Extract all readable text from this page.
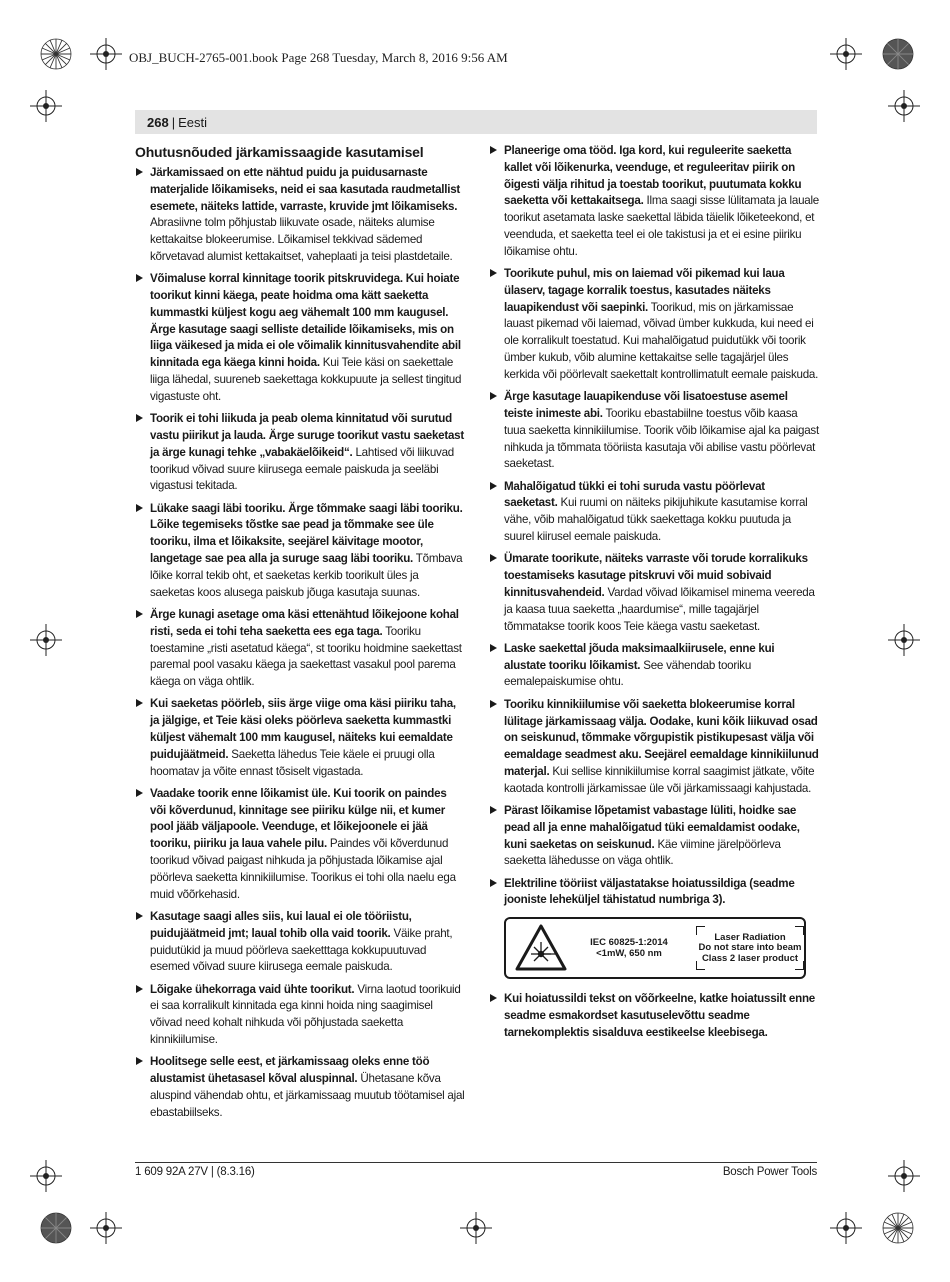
OBJ_BUCH-2765-001.book Page 268 Tuesday, March 8, 2016 9:56 AM
268 | Eesti
Ohutusnõuded järkamissaagide kasutamisel
Järkamissaed on ette nähtud puidu ja puidusarnaste materjalide lõikamiseks, neid ei saa kasutada raudmetallist esemete, näiteks lattide, varraste, kruvide jmt lõikamiseks. Abrasiivne tolm põhjustab liikuvate osade, näiteks alumise kettakaitse blokeerumise. Lõikamisel tekkivad sädemed kõrvetavad alumist kettakaitset, vaheplaati ja teisi plastdetaile.
Võimaluse korral kinnitage toorik pitskruvidega. Kui hoiate toorikut kinni käega, peate hoidma oma kätt saeketta kummastki küljest kogu aeg vähemalt 100 mm kaugusel. Ärge kasutage saagi selliste detailide lõikamiseks, mis on liiga väikesed ja mida ei ole võimalik kinnitusvahendite abil kinnitada ega käega kinni hoida. Kui Teie käsi on saekettale liiga lähedal, suureneb saekettaga kokkupuute ja sellest tingitud vigastuste oht.
Toorik ei tohi liikuda ja peab olema kinnitatud või surutud vastu piirikut ja lauda. Ärge suruge toorikut vastu saeketast ja ärge kunagi tehke „vabakäelõikeid“. Lahtised või liikuvad toorikud võivad suure kiirusega eemale paiskuda ja seeläbi vigastusi tekitada.
Lükake saagi läbi tooriku. Ärge tõmmake saagi läbi tooriku. Lõike tegemiseks tõstke sae pead ja tõmmake see üle tooriku, ilma et lõikaksite, seejärel käivitage mootor, langetage sae pea alla ja suruge saag läbi tooriku. Tõmbava lõike korral tekib oht, et saeketas kerkib toorikult üles ja saeketas koos alusega paiskub jõuga kasutaja suunas.
Ärge kunagi asetage oma käsi ettenähtud lõikejoone kohal risti, seda ei tohi teha saeketta ees ega taga. Tooriku toestamine „risti asetatud käega“, st tooriku hoidmine saekettast paremal pool vasaku käega ja saekettast vasakul pool parema käega on väga ohtlik.
Kui saeketas pöörleb, siis ärge viige oma käsi piiriku taha, ja jälgige, et Teie käsi oleks pöörleva saeketta kummastki küljest vähemalt 100 mm kaugusel, näiteks kui eemaldate puidujäätmeid. Saeketta lähedus Teie käele ei pruugi olla hoomatav ja võite ennast tõsiselt vigastada.
Vaadake toorik enne lõikamist üle. Kui toorik on paindes või kõverdunud, kinnitage see piiriku külge nii, et kumer pool jääb väljapoole. Veenduge, et lõikejoonele ei jää tooriku, piiriku ja laua vahele pilu. Paindes või kõverdunud toorikud võivad paigast nihkuda ja põhjustada lõikamise ajal pöörleva saeketta kinnikiilumise. Toorikus ei tohi olla naelu ega muid võõrkehasid.
Kasutage saagi alles siis, kui laual ei ole tööriistu, puidujäätmeid jmt; laual tohib olla vaid toorik. Väike praht, puidutükid ja muud pöörleva saeketttaga kokkupuutuvad esemed võivad suure kiirusega eemale paiskuda.
Lõigake ühekorraga vaid ühte toorikut. Virna laotud toorikuid ei saa korralikult kinnitada ega kinni hoida ning saagimisel võivad need kohalt nihkuda või põhjustada saeketta kinnikiilumise.
Hoolitsege selle eest, et järkamissaag oleks enne töö alustamist ühetasasel kõval aluspinnal. Ühetasane kõva aluspind vähendab ohtu, et järkamissaag muutub töötamisel ajal ebastabiilseks.
Planeerige oma tööd. Iga kord, kui reguleerite saeketta kallet või lõikenurka, veenduge, et reguleeritav piirik on õigesti välja rihitud ja toestab toorikut, puutumata kokku saeketta või kettakaitsega. Ilma saagi sisse lülitamata ja lauale toorikut asetamata laske saekettal läbida täielik lõiketeekond, et veenduda, et saeketta teel ei ole takistusi ja et ei esine piiriku lõikamise ohtu.
Toorikute puhul, mis on laiemad või pikemad kui laua ülaserv, tagage korralik toestus, kasutades näiteks lauapikendust või saepinki. Toorikud, mis on järkamissae lauast pikemad või laiemad, võivad ümber kukkuda, kui need ei ole korralikult toestatud. Kui mahalõigatud puidutükk või toorik ümber kukub, võib alumine kettakaitse selle tagajärjel üles kerkida või pöörlevalt saekettalt kontrollimatult eemale paiskuda.
Ärge kasutage lauapikenduse või lisatoestuse asemel teiste inimeste abi. Tooriku ebastabiilne toestus võib kaasa tuua saeketta kinnikiilumise. Toorik võib lõikamise ajal ka paigast nihkuda ja tõmmata tööriista kasutaja või abilise vastu pöörlevat saeketast.
Mahalõigatud tükki ei tohi suruda vastu pöörlevat saeketast. Kui ruumi on näiteks pikijuhikute kasutamise korral vähe, võib mahalõigatud tükk saekettaga kokku puutuda ja suurel kiirusel eemale paiskuda.
Ümarate toorikute, näiteks varraste või torude korralikuks toestamiseks kasutage pitskruvi või muid sobivaid kinnitusvahendeid. Vardad võivad lõikamisel minema veereda ja kaasa tuua saeketta „haardumise“, mille tagajärjel tõmmatakse toorik koos Teie käega vastu saeketast.
Laske saekettal jõuda maksimaalkiirusele, enne kui alustate tooriku lõikamist. See vähendab tooriku eemalepaiskumise ohtu.
Tooriku kinnikiilumise või saeketta blokeerumise korral lülitage järkamissaag välja. Oodake, kuni kõik liikuvad osad on seiskunud, tõmmake võrgupistik pistikupesast välja või eemaldage seadmest aku. Seejärel eemaldage kinnikiilunud materjal. Kui sellise kinnikiilumise korral saagimist jätkate, võite kaotada kontrolli järkamissae üle või järkamissaagi kahjustada.
Pärast lõikamise lõpetamist vabastage lüliti, hoidke sae pead all ja enne mahalõigatud tüki eemaldamist oodake, kuni saeketas on seiskunud. Käe viimine järelpöörleva saeketta lähedusse on väga ohtlik.
Elektriline tööriist väljastatakse hoiatussildiga (seadme jooniste leheküljel tähistatud numbriga 3).
IEC 60825-1:2014
<1mW, 650 nm
Laser Radiation
Do not stare into beam
Class 2 laser product
Kui hoiatussildi tekst on võõrkeelne, katke hoiatussilt enne seadme esmakordset kasutuselevõttu seadme tarnekomplektis sisalduva eestikeelse kleebisega.
1 609 92A 27V | (8.3.16)	Bosch Power Tools
